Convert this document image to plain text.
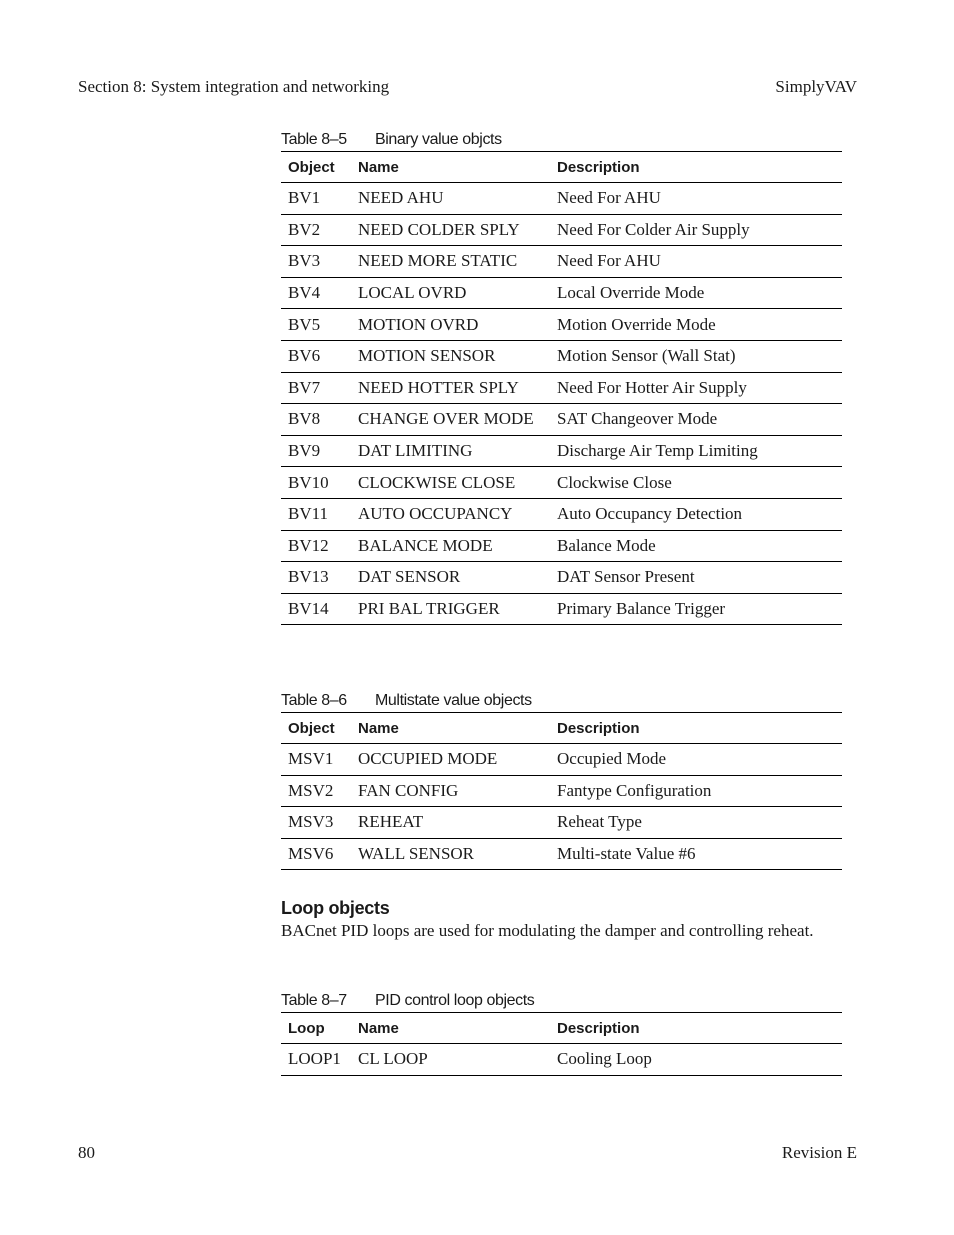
Section 8: System integration and networking	SimplyVAV
Table 8–5 Binary value objcts
Object	Name	Description
BV1	NEED AHU	Need For AHU
BV2	NEED COLDER SPLY	Need For Colder Air Supply
BV3	NEED MORE STATIC	Need For AHU
BV4	LOCAL OVRD	Local Override Mode
BV5	MOTION OVRD	Motion Override Mode
BV6	MOTION SENSOR	Motion Sensor (Wall Stat)
BV7	NEED HOTTER SPLY	Need For Hotter Air Supply
BV8	CHANGE OVER MODE	SAT Changeover Mode
BV9	DAT LIMITING	Discharge Air Temp Limiting
BV10	CLOCKWISE CLOSE	Clockwise Close
BV11	AUTO OCCUPANCY	Auto Occupancy Detection
BV12	BALANCE MODE	Balance Mode
BV13	DAT SENSOR	DAT Sensor Present
BV14	PRI BAL TRIGGER	Primary Balance Trigger
Table 8–6 Multistate value objects
Object	Name	Description
MSV1	OCCUPIED MODE	Occupied Mode
MSV2	FAN CONFIG	Fantype Configuration
MSV3	REHEAT	Reheat Type
MSV6	WALL SENSOR	Multi-state Value #6
Loop objects
BACnet PID loops are used for modulating the damper and controlling reheat.
Table 8–7 PID control loop objects
Loop	Name	Description
LOOP1	CL LOOP	Cooling Loop
80	Revision E
